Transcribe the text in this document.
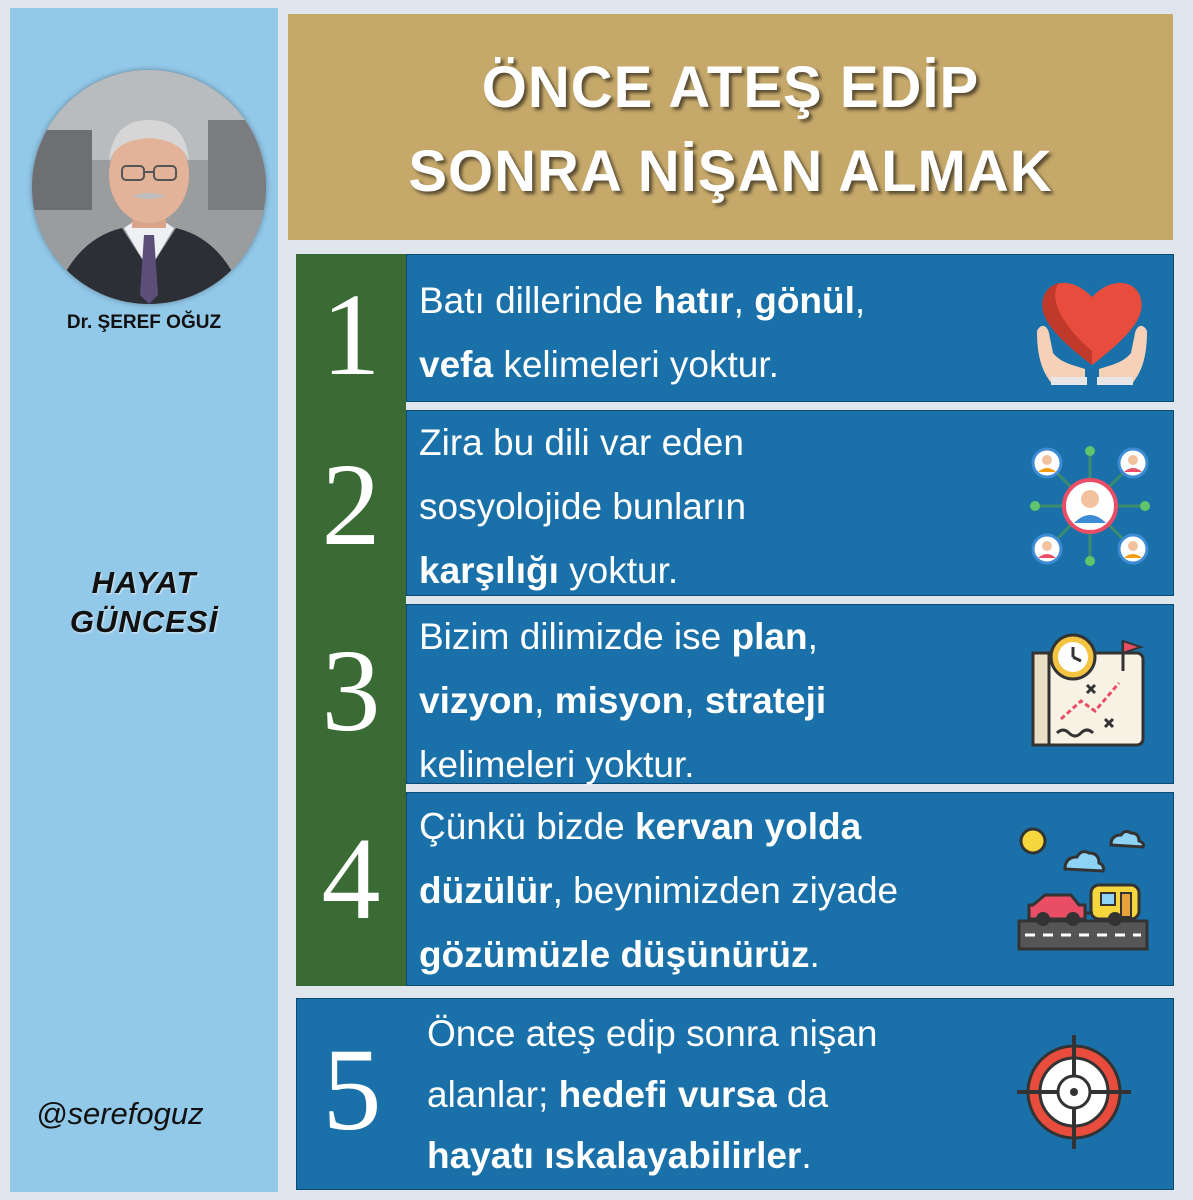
Dr. ŞEREF OĞUZ
HAYAT
GÜNCESİ
@serefoguz
ÖNCE ATEŞ EDİP
SONRA NİŞAN ALMAK
1
2
3
4
Batı dillerinde hatır, gönül,
vefa kelimeleri yoktur.
Zira bu dili var eden
sosyolojide bunların
karşılığı yoktur.
Bizim dilimizde ise plan,
vizyon, misyon, strateji
kelimeleri yoktur.
Çünkü bizde kervan yolda
düzülür, beynimizden ziyade
gözümüzle düşünürüz.
5	Önce ateş edip sonra nişan
alanlar; hedefi vursa da
hayatı ıskalayabilirler.
